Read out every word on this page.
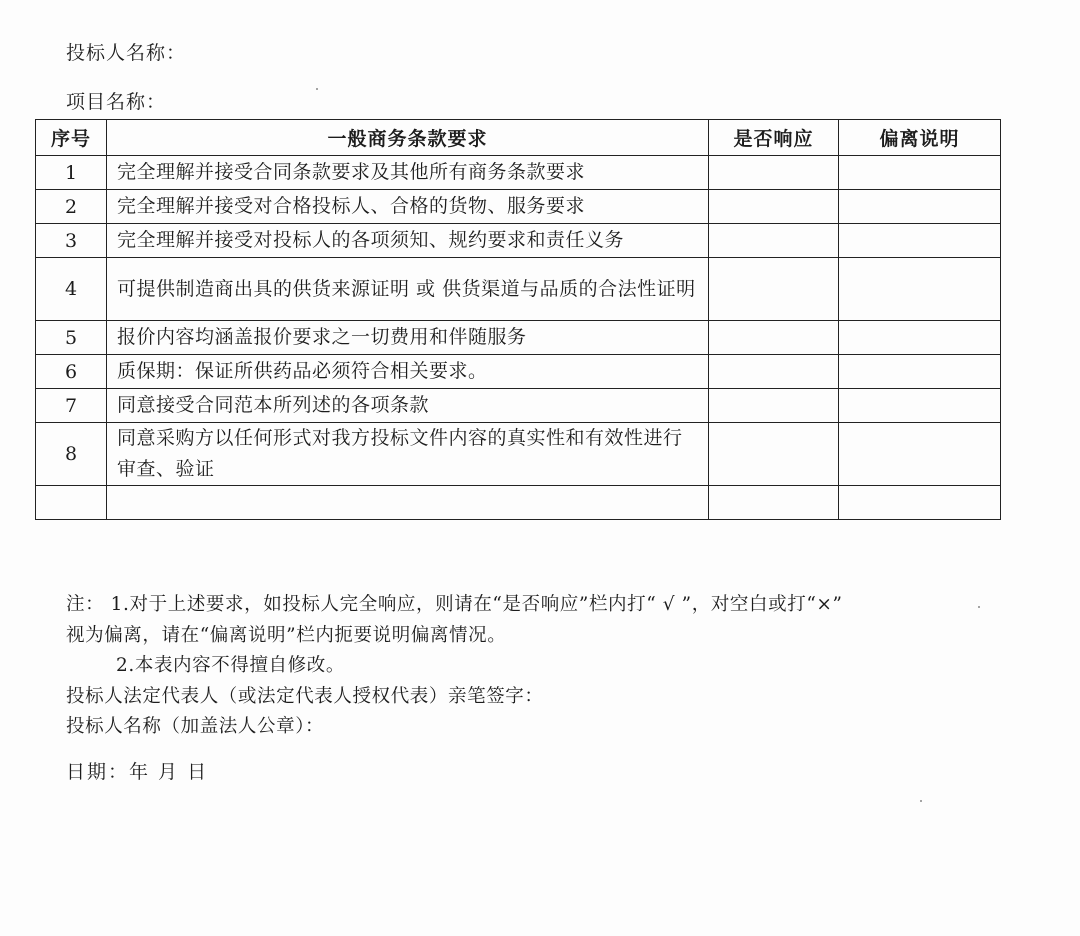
投标人名称：
项目名称：
序号	一般商务条款要求	是否响应	偏离说明
1	完全理解并接受合同条款要求及其他所有商务条款要求		
2	完全理解并接受对合格投标人、合格的货物、服务要求		
3	完全理解并接受对投标人的各项须知、规约要求和责任义务		
4	可提供制造商出具的供货来源证明 或 供货渠道与品质的合法性证明		
5	报价内容均涵盖报价要求之一切费用和伴随服务		
6	质保期：保证所供药品必须符合相关要求。		
7	同意接受合同范本所列述的各项条款		
8	同意采购方以任何形式对我方投标文件内容的真实性和有效性进行审查、验证		

注： 1.对于上述要求，如投标人完全响应，则请在“是否响应”栏内打“ √ ”，对空白或打“×”
视为偏离，请在“偏离说明”栏内扼要说明偏离情况。
2.本表内容不得擅自修改。
投标人法定代表人（或法定代表人授权代表）亲笔签字：
投标人名称（加盖法人公章）：
日期：年 月 日
